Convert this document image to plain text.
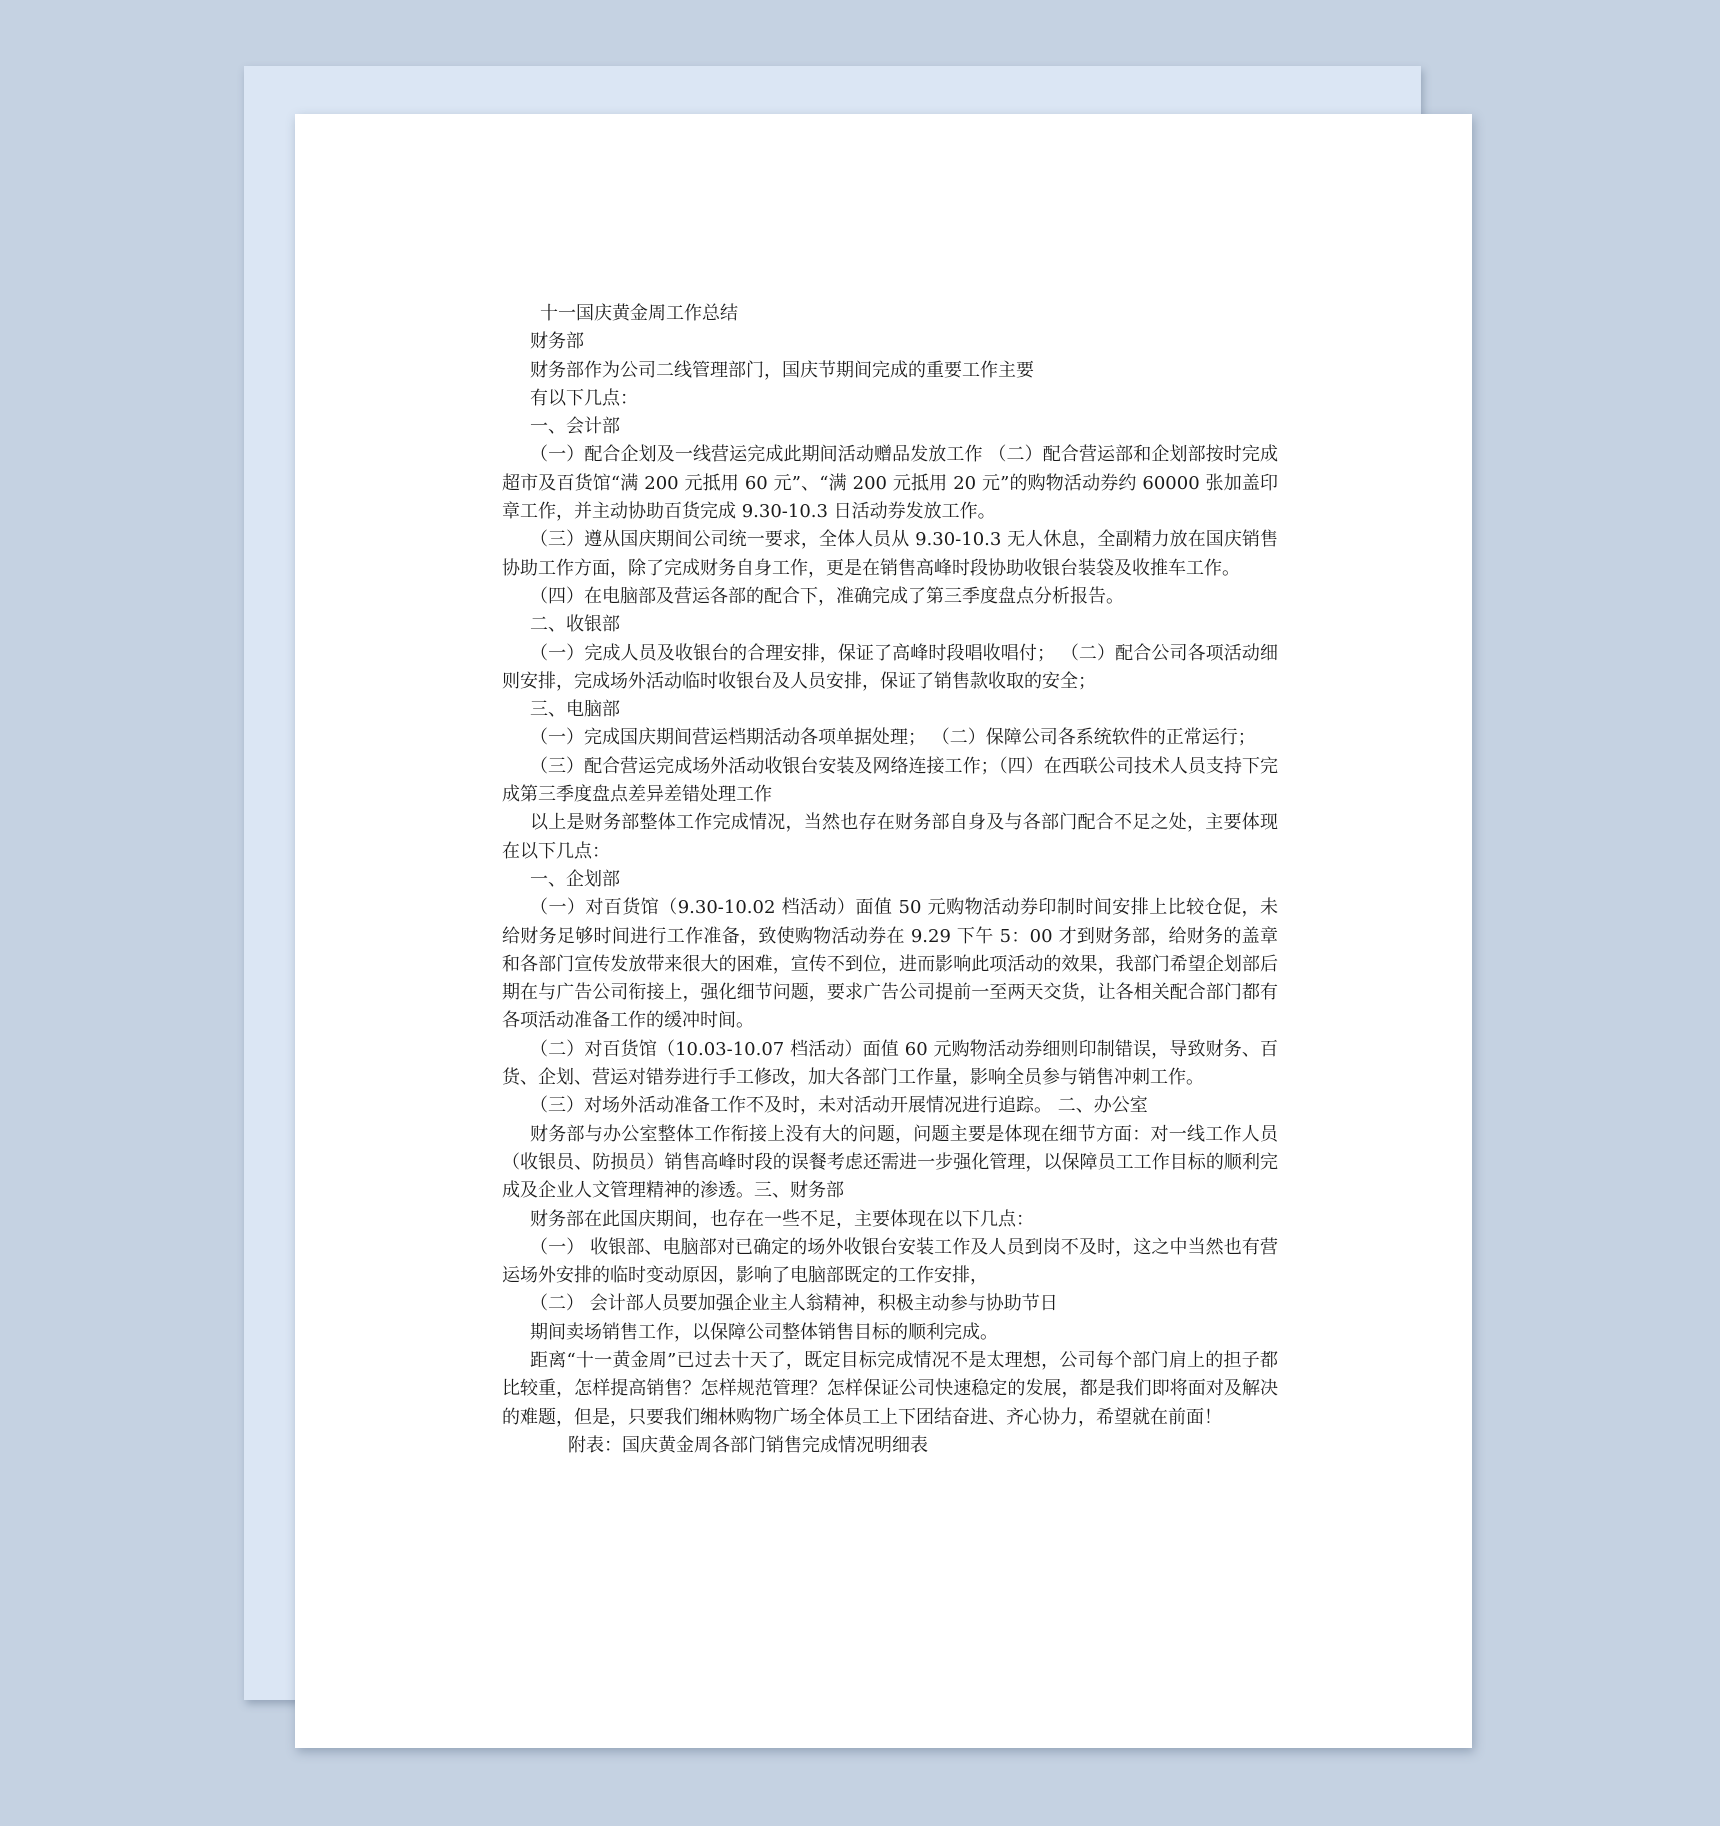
十一国庆黄金周工作总结

财务部

财务部作为公司二线管理部门，国庆节期间完成的重要工作主要

有以下几点：

一、会计部

（一）配合企划及一线营运完成此期间活动赠品发放工作 （二）配合营运部和企划部按时完成超市及百货馆“满 200 元抵用 60 元”、“满 200 元抵用 20 元”的购物活动券约 60000 张加盖印章工作，并主动协助百货完成 9.30-10.3 日活动券发放工作。

（三）遵从国庆期间公司统一要求，全体人员从 9.30-10.3 无人休息，全副精力放在国庆销售协助工作方面，除了完成财务自身工作，更是在销售高峰时段协助收银台装袋及收推车工作。

（四）在电脑部及营运各部的配合下，准确完成了第三季度盘点分析报告。

二、收银部

（一）完成人员及收银台的合理安排，保证了高峰时段唱收唱付； （二）配合公司各项活动细则安排，完成场外活动临时收银台及人员安排，保证了销售款收取的安全；

三、电脑部

（一）完成国庆期间营运档期活动各项单据处理； （二）保障公司各系统软件的正常运行；

（三）配合营运完成场外活动收银台安装及网络连接工作；（四）在西联公司技术人员支持下完成第三季度盘点差异差错处理工作

以上是财务部整体工作完成情况，当然也存在财务部自身及与各部门配合不足之处，主要体现在以下几点：

一、企划部

（一）对百货馆（9.30-10.02 档活动）面值 50 元购物活动券印制时间安排上比较仓促，未给财务足够时间进行工作准备，致使购物活动券在 9.29 下午 5：00 才到财务部，给财务的盖章和各部门宣传发放带来很大的困难，宣传不到位，进而影响此项活动的效果，我部门希望企划部后期在与广告公司衔接上，强化细节问题，要求广告公司提前一至两天交货，让各相关配合部门都有各项活动准备工作的缓冲时间。

（二）对百货馆（10.03-10.07 档活动）面值 60 元购物活动券细则印制错误，导致财务、百货、企划、营运对错券进行手工修改，加大各部门工作量，影响全员参与销售冲刺工作。

（三）对场外活动准备工作不及时，未对活动开展情况进行追踪。 二、办公室

财务部与办公室整体工作衔接上没有大的问题，问题主要是体现在细节方面：对一线工作人员（收银员、防损员）销售高峰时段的误餐考虑还需进一步强化管理，以保障员工工作目标的顺利完成及企业人文管理精神的渗透。三、财务部

财务部在此国庆期间，也存在一些不足，主要体现在以下几点：

（一） 收银部、电脑部对已确定的场外收银台安装工作及人员到岗不及时，这之中当然也有营运场外安排的临时变动原因，影响了电脑部既定的工作安排，

（二） 会计部人员要加强企业主人翁精神，积极主动参与协助节日

期间卖场销售工作，以保障公司整体销售目标的顺利完成。

距离“十一黄金周”已过去十天了，既定目标完成情况不是太理想，公司每个部门肩上的担子都比较重，怎样提高销售？怎样规范管理？怎样保证公司快速稳定的发展，都是我们即将面对及解决的难题，但是，只要我们缃林购物广场全体员工上下团结奋进、齐心协力，希望就在前面！

附表：国庆黄金周各部门销售完成情况明细表
